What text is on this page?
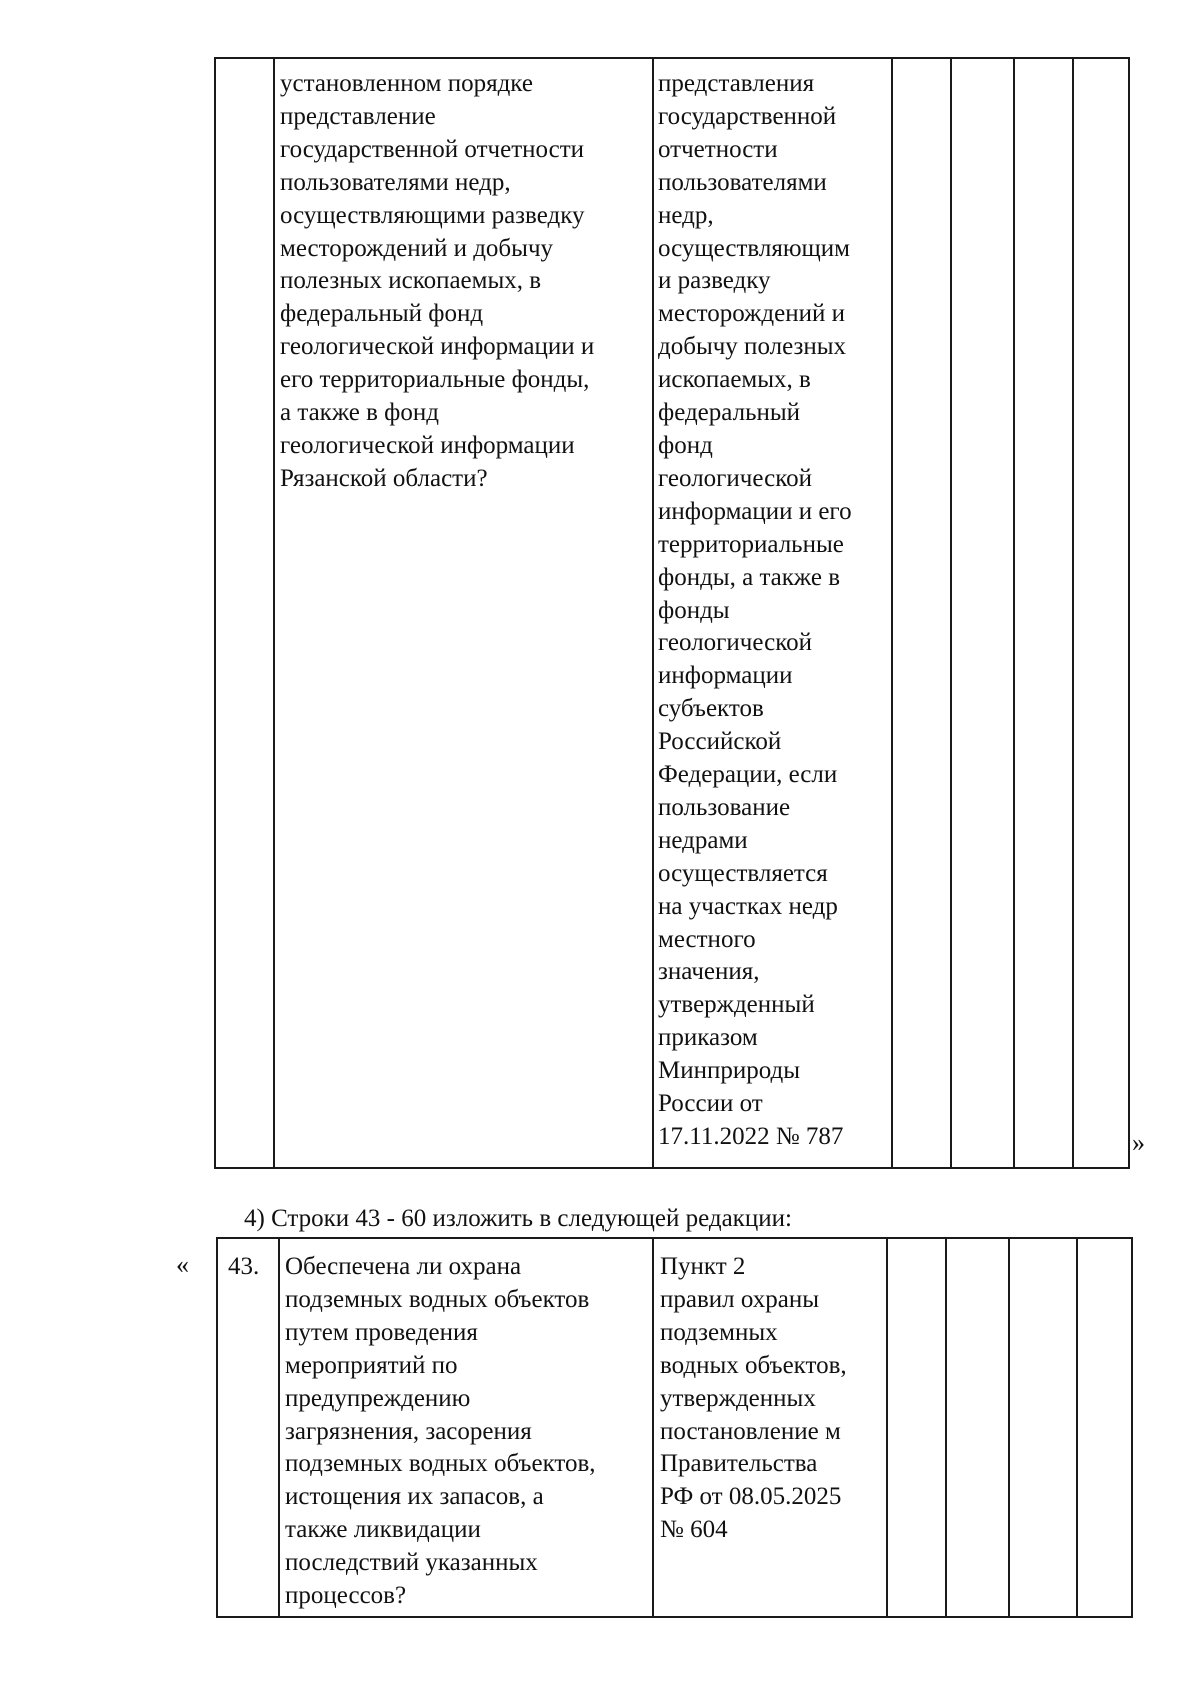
установленном порядке
представление
государственной отчетности
пользователями недр,
осуществляющими разведку
месторождений и добычу
полезных ископаемых, в
федеральный фонд
геологической информации и
его территориальные фонды,
а также в фонд
геологической информации
Рязанской области?
представления
государственной
отчетности
пользователями
недр,
осуществляющим
и разведку
месторождений и
добычу полезных
ископаемых, в
федеральный
фонд
геологической
информации и его
территориальные
фонды, а также в
фонды
геологической
информации
субъектов
Российской
Федерации, если
пользование
недрами
осуществляется
на участках недр
местного
значения,
утвержденный
приказом
Минприроды
России от
17.11.2022 № 787	»
4) Строки 43 - 60 изложить в следующей редакции:
« 43.	Обеспечена ли охрана
подземных водных объектов
путем проведения
мероприятий по
предупреждению
загрязнения, засорения
подземных водных объектов,
истощения их запасов, а
также ликвидации
последствий указанных
процессов?
Пункт 2
правил охраны
подземных
водных объектов,
утвержденных
постановление м
Правительства
РФ от 08.05.2025
№ 604
